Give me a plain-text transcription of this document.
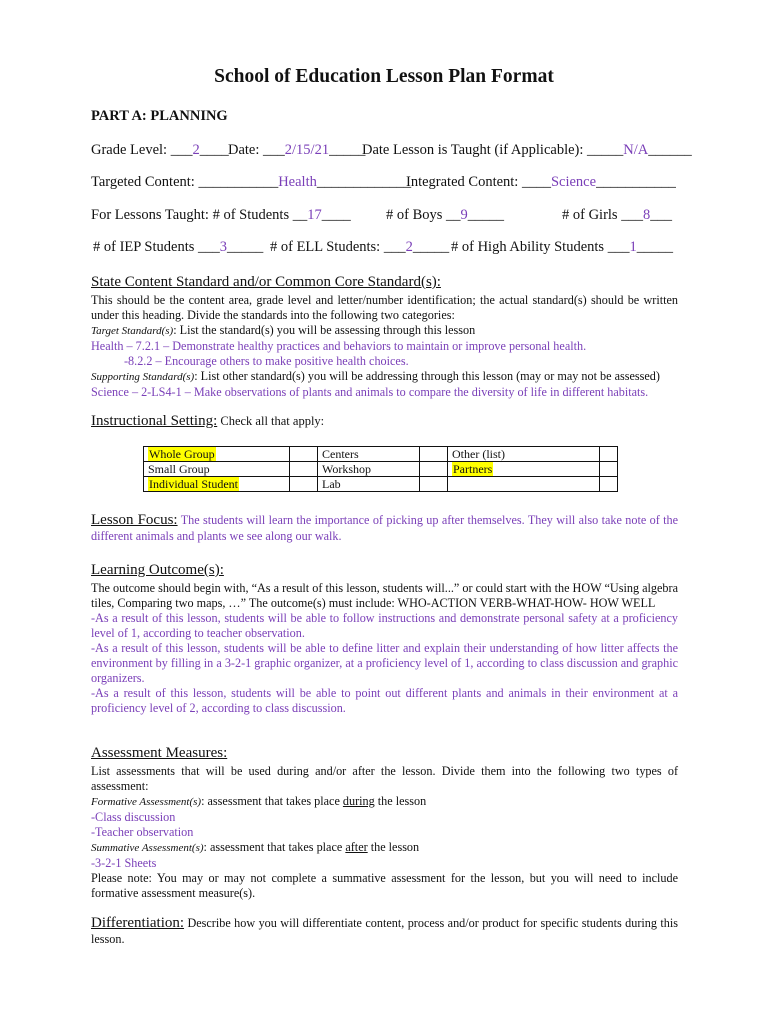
School of Education Lesson Plan Format
PART A: PLANNING
Grade Level: ___2____ Date: ___2/15/21_____
Date Lesson is Taught (if Applicable): _____N/A______
Targeted Content: ___________Health_____________
Integrated Content: ____Science___________
For Lessons Taught: # of Students __17____ # of Boys __9_____	# of Girls ___8___
# of IEP Students ___3_____ # of ELL Students: ___2_____ # of High Ability Students ___1_____
State Content Standard and/or Common Core Standard(s):

This should be the content area, grade level and letter/number identification; the actual standard(s) should be written under this heading. Divide the standards into the following two categories:

Target Standard(s): List the standard(s) you will be assessing through this lesson

Health – 7.2.1 – Demonstrate healthy practices and behaviors to maintain or improve personal health.

-8.2.2 – Encourage others to make positive health choices.

Supporting Standard(s): List other standard(s) you will be addressing through this lesson (may or may not be assessed)

Science – 2-LS4-1 – Make observations of plants and animals to compare the diversity of life in different habitats.

Instructional Setting: Check all that apply:
Whole Group		Centers		Other (list)	
Small Group		Workshop		Partners	
Individual Student		Lab			
Lesson Focus: The students will learn the importance of picking up after themselves. They will also take note of the different animals and plants we see along our walk.
Learning Outcome(s):

The outcome should begin with, “As a result of this lesson, students will...” or could start with the HOW “Using algebra tiles, Comparing two maps, …” The outcome(s) must include: WHO-ACTION VERB-WHAT-HOW- HOW WELL

-As a result of this lesson, students will be able to follow instructions and demonstrate personal safety at a proficiency level of 1, according to teacher observation.

-As a result of this lesson, students will be able to define litter and explain their understanding of how litter affects the environment by filling in a 3-2-1 graphic organizer, at a proficiency level of 1, according to class discussion and graphic organizers.

-As a result of this lesson, students will be able to point out different plants and animals in their environment at a proficiency level of 2, according to class discussion.

Assessment Measures:

List assessments that will be used during and/or after the lesson. Divide them into the following two types of assessment:

Formative Assessment(s): assessment that takes place during the lesson

-Class discussion

-Teacher observation

Summative Assessment(s): assessment that takes place after the lesson

-3-2-1 Sheets

Please note: You may or may not complete a summative assessment for the lesson, but you will need to include formative assessment measure(s).

Differentiation: Describe how you will differentiate content, process and/or product for specific students during this lesson.
